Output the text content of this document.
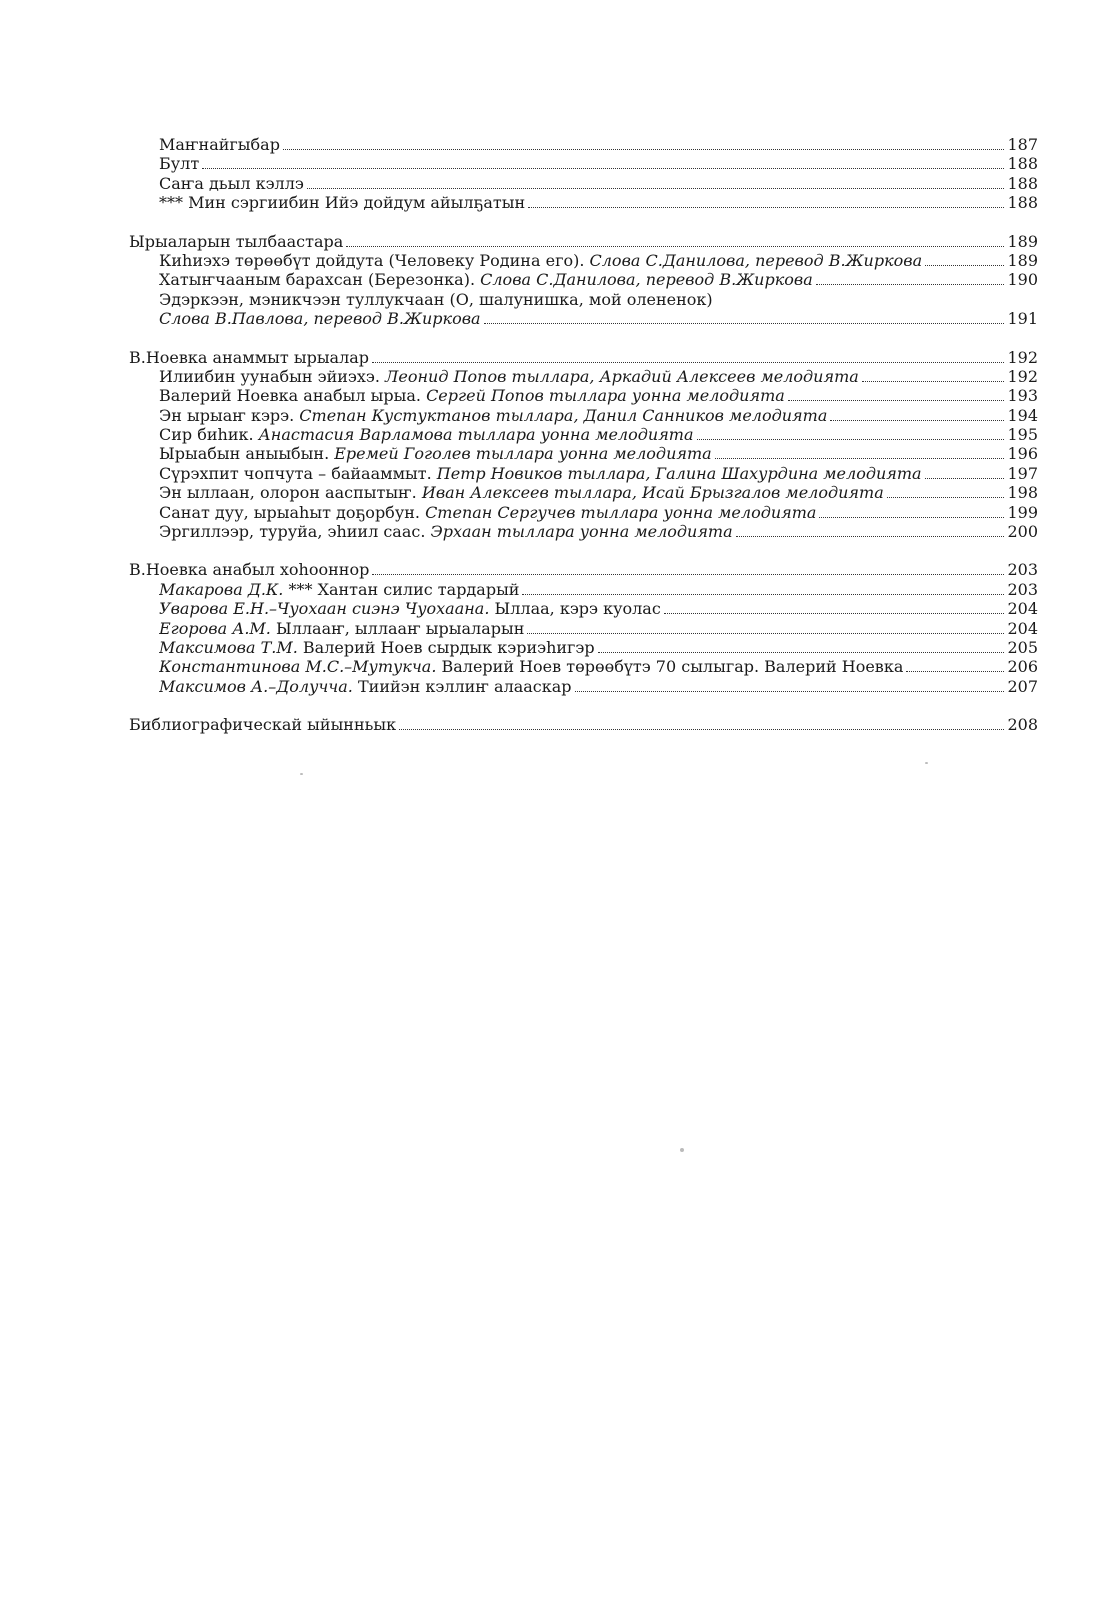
Маҥнайгыбар	187
Булт	188
Саҥа дьыл кэллэ	188
*** Мин сэргиибин Ийэ дойдум айылҕатын	188
Ырыаларын тылбаастара	189
Киһиэхэ төрөөбүт дойдута (Человеку Родина его). Слова С.Данилова, перевод В.Жиркова	189
Хатыҥчааным барахсан (Березонка). Слова С.Данилова, перевод В.Жиркова	190
Эдэркээн, мэникчээн туллукчаан (О, шалунишка, мой олененок)
Слова В.Павлова, перевод В.Жиркова	191
В.Ноевка анаммыт ырыалар	192
Илиибин уунабын эйиэхэ. Леонид Попов тыллара, Аркадий Алексеев мелодията	192
Валерий Ноевка анабыл ырыа. Сергей Попов тыллара уонна мелодията	193
Эн ырыаҥ кэрэ. Степан Кустуктанов тыллара, Данил Санников мелодията	194
Сир биһик. Анастасия Варламова тыллара уонна мелодията	195
Ырыабын аныыбын. Еремей Гоголев тыллара уонна мелодията	196
Сүрэхпит чопчута – байааммыт. Петр Новиков тыллара, Галина Шахурдина мелодията	197
Эн ыллаан, олорон ааспытыҥ. Иван Алексеев тыллара, Исай Брызгалов мелодията	198
Санат дуу, ырыаһыт доҕорбун. Степан Сергучев тыллара уонна мелодията	199
Эргиллээр, туруйа, эһиил саас. Эрхаан тыллара уонна мелодията	200
В.Ноевка анабыл хоһооннор	203
Макарова Д.К. *** Хантан силис тардарый	203
Уварова Е.Н.–Чуохаан сиэнэ Чуохаана. Ыллаа, кэрэ куолас	204
Егорова А.М. Ыллааҥ, ыллааҥ ырыаларын	204
Максимова Т.М. Валерий Ноев сырдык кэриэһигэр	205
Константинова М.С.–Мутукча. Валерий Ноев төрөөбүтэ 70 сылыгар. Валерий Ноевка	206
Максимов А.–Долучча. Тиийэн кэллиҥ алааскар	207
Библиографическай ыйынньык	208
